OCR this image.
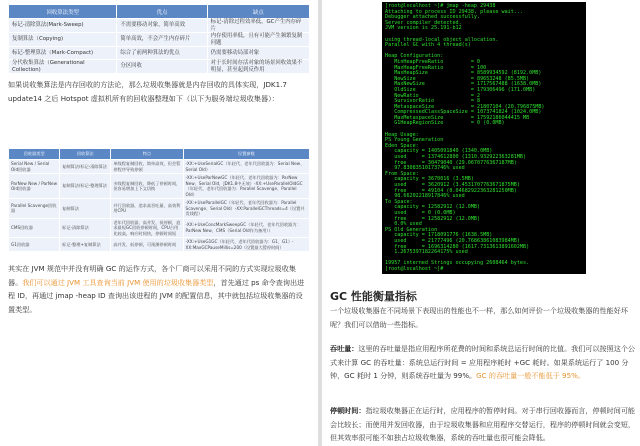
回收算法类型	优点	缺点
标记-清除算法(Mark-Sweep)	不需要移动对象，简单高效	标记-清除过程效率低，GC产生内存碎片
复制算法（Copying)	简单高效，不会产生内存碎片	内存使用率低，且有可能产生频繁复制问题
标记-整理算法（Mark-Compact)	综合了前两种算法的优点	仍需要移动局部对象
分代收集算法（Generational Collection)	分区回收	对于长时间存活对象的场景回收效果不明显，甚至起到反作用

如果说收集算法是内存回收的方法论，那么垃圾收集器就是内存回收的具体实现，JDK1.7 update14 之后 Hotspot 虚拟机所有的回收器整理如下（以下为服务端垃圾收集器）：

回收器类型	回收算法	特点	设置参数
Serial New / Serial Old回收器	复制算法/标记-清除算法	单线程复制回收，简单高效，但会暂停程序导致停顿	-XX:+UseSerialGC（年轻代、老年代回收器为：Serial New、Serial Old）
ParNew New / ParNew Old回收器	复制算法/标记-整理算法	多线程复制回收，降低了停顿时间，但容易增加上下文切换	-XX:+UseParNewGC（年轻代、老年代回收器为：ParNew New、Serial Old，JDK1.8中无效）-XX:+UseParallelOldGC（年轻代、老年代回收器为：Parallel Scavenge、Parallel Old）
Parallel Scavenge回收器	复制算法	并行回收器，追求高吞吐量，高效利用CPU	-XX:+UseParallelGC（年轻代、老年代回收器为：Parallel Scavenge、Serial Old）-XX:ParallelGCThreads=4（设置并发线程）
CMS回收器	标记-清除算法	老年代回收器，高并发、低停顿，追求最短GC回收停顿时间，CPU占用比较高，响应时间快，停顿时间短	-XX:+UseConcMarkSweepGC（年轻代、老年代回收器为：ParNew New、CMS（Serial Old作为备用））
G1回收器	标记-整理+复制算法	高并发、低停顿，可预测停顿时间	-XX:+UseG1GC（年轻代、老年代回收器为：G1、G1）-XX:MaxGCPauseMillis=200（设置最大暂停时间）

其实在 JVM 规范中并没有明确 GC 的运作方式，各个厂商可以采用不同的方式实现垃圾收集器。我们可以通过 JVM 工具查询当前 JVM 使用的垃圾收集器类型，首先通过 ps 命令查询出进程 ID，再通过 jmap -heap ID 查询出该进程的 JVM 的配置信息，其中就包括垃圾收集器的设置类型。

[root@localhost ~]# jmap -heap 29438
Attaching to process ID 29438, please wait...
Debugger attached successfully.
Server compiler detected.
JVM version is 25.191-b12

using thread-local object allocation.
Parallel GC with 4 thread(s)

Heap Configuration:
MinHeapFreeRatio         = 0
MaxHeapFreeRatio         = 100
MaxHeapSize              = 8589934592 (8192.0MB)
NewSize                  = 89653248 (85.5MB)
MaxNewSize               = 1717567488 (1638.0MB)
OldSize                  = 179306496 (171.0MB)
NewRatio                 = 2
SurvivorRatio            = 8
MetaspaceSize            = 21807104 (20.796875MB)
CompressedClassSpaceSize = 1073741824 (1024.0MB)
MaxMetaspaceSize         = 17592186044415 MB
G1HeapRegionSize         = 0 (0.0MB)

Heap Usage:
PS Young Generation
Eden Space:
capacity = 1405091840 (1340.0MB)
used     = 1374612800 (1310.932922363281MB)
free     = 30479040 (29.0670776367187MB)
97.83083510173746% used
From Space:
capacity = 3670016 (3.5MB)
used     = 3620912 (3.4531707763671875MB)
free     = 49104 (0.04682922363281250MB)
98.66202218917846% used
To Space:
capacity = 12582912 (12.0MB)
used     = 0 (0.0MB)
free     = 12582912 (12.0MB)
0.0% used
PS Old Generation
capacity = 1718091776 (1638.5MB)
used     = 21777496 (20.76863861083984MB)
free     = 1696314280 (1617.7313613891602MB)
1.2675397182264175% used

19957 interned Strings occupying 2608464 bytes.
[root@localhost ~]#
GC 性能衡量指标

一个垃圾收集器在不同场景下表现出的性能也不一样，那么如何评价一个垃圾收集器的性能好坏呢？我们可以借助一些指标。

吞吐量：这里的吞吐量是指应用程序所花费的时间和系统总运行时间的比值。我们可以按照这个公式来计算 GC 的吞吐量：系统总运行时间 = 应用程序耗时 +GC 耗时。如果系统运行了 100 分钟，GC 耗时 1 分钟，则系统吞吐量为 99%。GC 的吞吐量一般不能低于 95%。

停顿时间：指垃圾收集器正在运行时，应用程序的暂停时间。对于串行回收器而言，停顿时间可能会比较长；而使用并发回收器，由于垃圾收集器和应用程序交替运行，程序的停顿时间就会变短，但其效率很可能不如独占垃圾收集器，系统的吞吐量也很可能会降低。
